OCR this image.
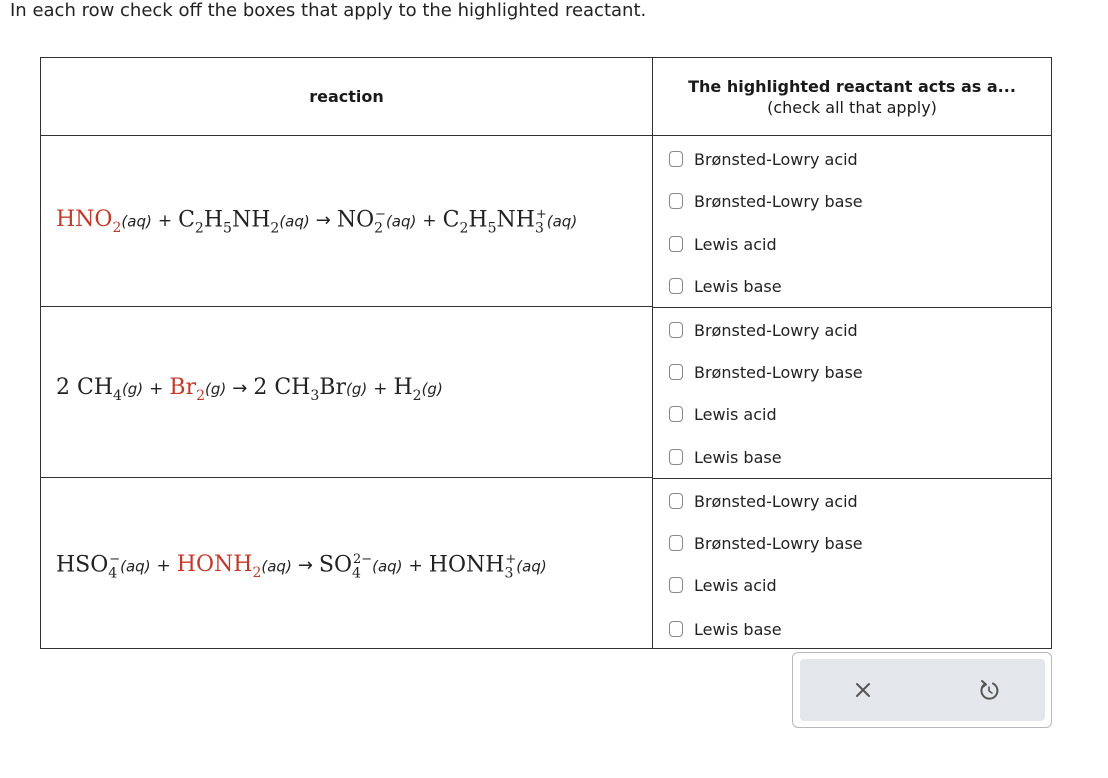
In each row check off the boxes that apply to the highlighted reactant.
reaction
The highlighted reactant acts as a...
(check all that apply)
$HNO_2(aq) + C_2H_5NH_2(aq) \to NO_2^-(aq) + C_2H_5NH_3^+(aq)$
Brønsted-Lowry acid
Brønsted-Lowry base
Lewis acid
Lewis base
2 $CH_4(g) + Br_2(g) \to 2$ $CH_3Br(g) + H_2(g)$
Brønsted-Lowry acid
Brønsted-Lowry base
Lewis acid
Lewis base
$HSO_4^-(aq)$ + $HONH_2(aq) \to SO_4^{2-}(aq)$ + $HONH_3^+(aq)$
Brønsted-Lowry acid
Brønsted-Lowry base
Lewis acid
Lewis base
